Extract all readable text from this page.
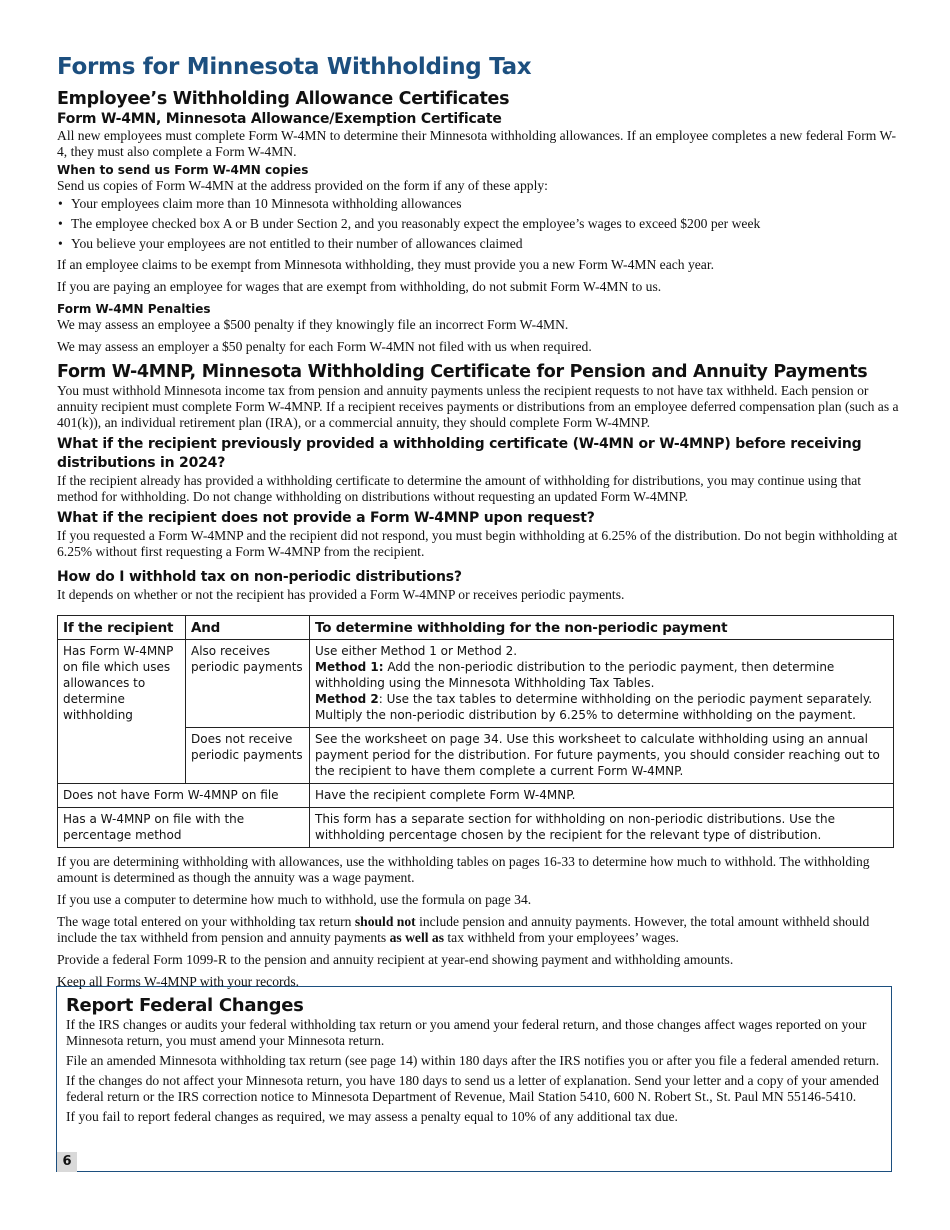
Forms for Minnesota Withholding Tax
Employee’s Withholding Allowance Certificates
Form W-4MN, Minnesota Allowance/Exemption Certificate

All new employees must complete Form W-4MN to determine their Minnesota withholding allowances. If an employee completes a new federal Form W-4, they must also complete a Form W-4MN.

When to send us Form W-4MN copies

Send us copies of Form W-4MN at the address provided on the form if any of these apply:

• Your employees claim more than 10 Minnesota withholding allowances
• The employee checked box A or B under Section 2, and you reasonably expect the employee’s wages to exceed $200 per week
• You believe your employees are not entitled to their number of allowances claimed

If an employee claims to be exempt from Minnesota withholding, they must provide you a new Form W-4MN each year.

If you are paying an employee for wages that are exempt from withholding, do not submit Form W-4MN to us.

Form W-4MN Penalties

We may assess an employee a $500 penalty if they knowingly file an incorrect Form W-4MN.

We may assess an employer a $50 penalty for each Form W-4MN not filed with us when required.

Form W-4MNP, Minnesota Withholding Certificate for Pension and Annuity Payments

You must withhold Minnesota income tax from pension and annuity payments unless the recipient requests to not have tax withheld. Each pension or annuity recipient must complete Form W-4MNP. If a recipient receives payments or distributions from an employee deferred compensation plan (such as a 401(k)), an individual retirement plan (IRA), or a commercial annuity, they should complete Form W-4MNP.

What if the recipient previously provided a withholding certificate (W-4MN or W-4MNP) before receiving distributions in 2024?

If the recipient already has provided a withholding certificate to determine the amount of withholding for distributions, you may continue using that method for withholding. Do not change withholding on distributions without requesting an updated Form W-4MNP.

What if the recipient does not provide a Form W-4MNP upon request?

If you requested a Form W-4MNP and the recipient did not respond, you must begin withholding at 6.25% of the distribution. Do not begin withholding at 6.25% without first requesting a Form W-4MNP from the recipient.

How do I withhold tax on non-periodic distributions?

It depends on whether or not the recipient has provided a Form W-4MNP or receives periodic payments.

If the recipient	And	To determine withholding for the non-periodic payment
Has Form W-4MNP on file which uses allowances to determine withholding	Also receives periodic payments	Use either Method 1 or Method 2.
Method 1: Add the non-periodic distribution to the periodic payment, then determine withholding using the Minnesota Withholding Tax Tables.
Method 2: Use the tax tables to determine withholding on the periodic payment separately. Multiply the non-periodic distribution by 6.25% to determine withholding on the payment.

	Does not receive periodic payments	See the worksheet on page 34. Use this worksheet to calculate withholding using an annual payment period for the distribution. For future payments, you should consider reaching out to the recipient to have them complete a current Form W-4MNP.
Does not have Form W-4MNP on file		Have the recipient complete Form W-4MNP.
Has a W-4MNP on file with the percentage method		This form has a separate section for withholding on non-periodic distributions. Use the withholding percentage chosen by the recipient for the relevant type of distribution.

If you are determining withholding with allowances, use the withholding tables on pages 16-33 to determine how much to withhold. The withholding amount is determined as though the annuity was a wage payment.

If you use a computer to determine how much to withhold, use the formula on page 34.

The wage total entered on your withholding tax return should not include pension and annuity payments. However, the total amount withheld should include the tax withheld from pension and annuity payments as well as tax withheld from your employees’ wages.

Provide a federal Form 1099-R to the pension and annuity recipient at year-end showing payment and withholding amounts.

Keep all Forms W-4MNP with your records.

Report Federal Changes

If the IRS changes or audits your federal withholding tax return or you amend your federal return, and those changes affect wages reported on your Minnesota return, you must amend your Minnesota return.

File an amended Minnesota withholding tax return (see page 14) within 180 days after the IRS notifies you or after you file a federal amended return.

If the changes do not affect your Minnesota return, you have 180 days to send us a letter of explanation. Send your letter and a copy of your amended federal return or the IRS correction notice to Minnesota Department of Revenue, Mail Station 5410, 600 N. Robert St., St. Paul MN 55146-5410.

If you fail to report federal changes as required, we may assess a penalty equal to 10% of any additional tax due.

6
